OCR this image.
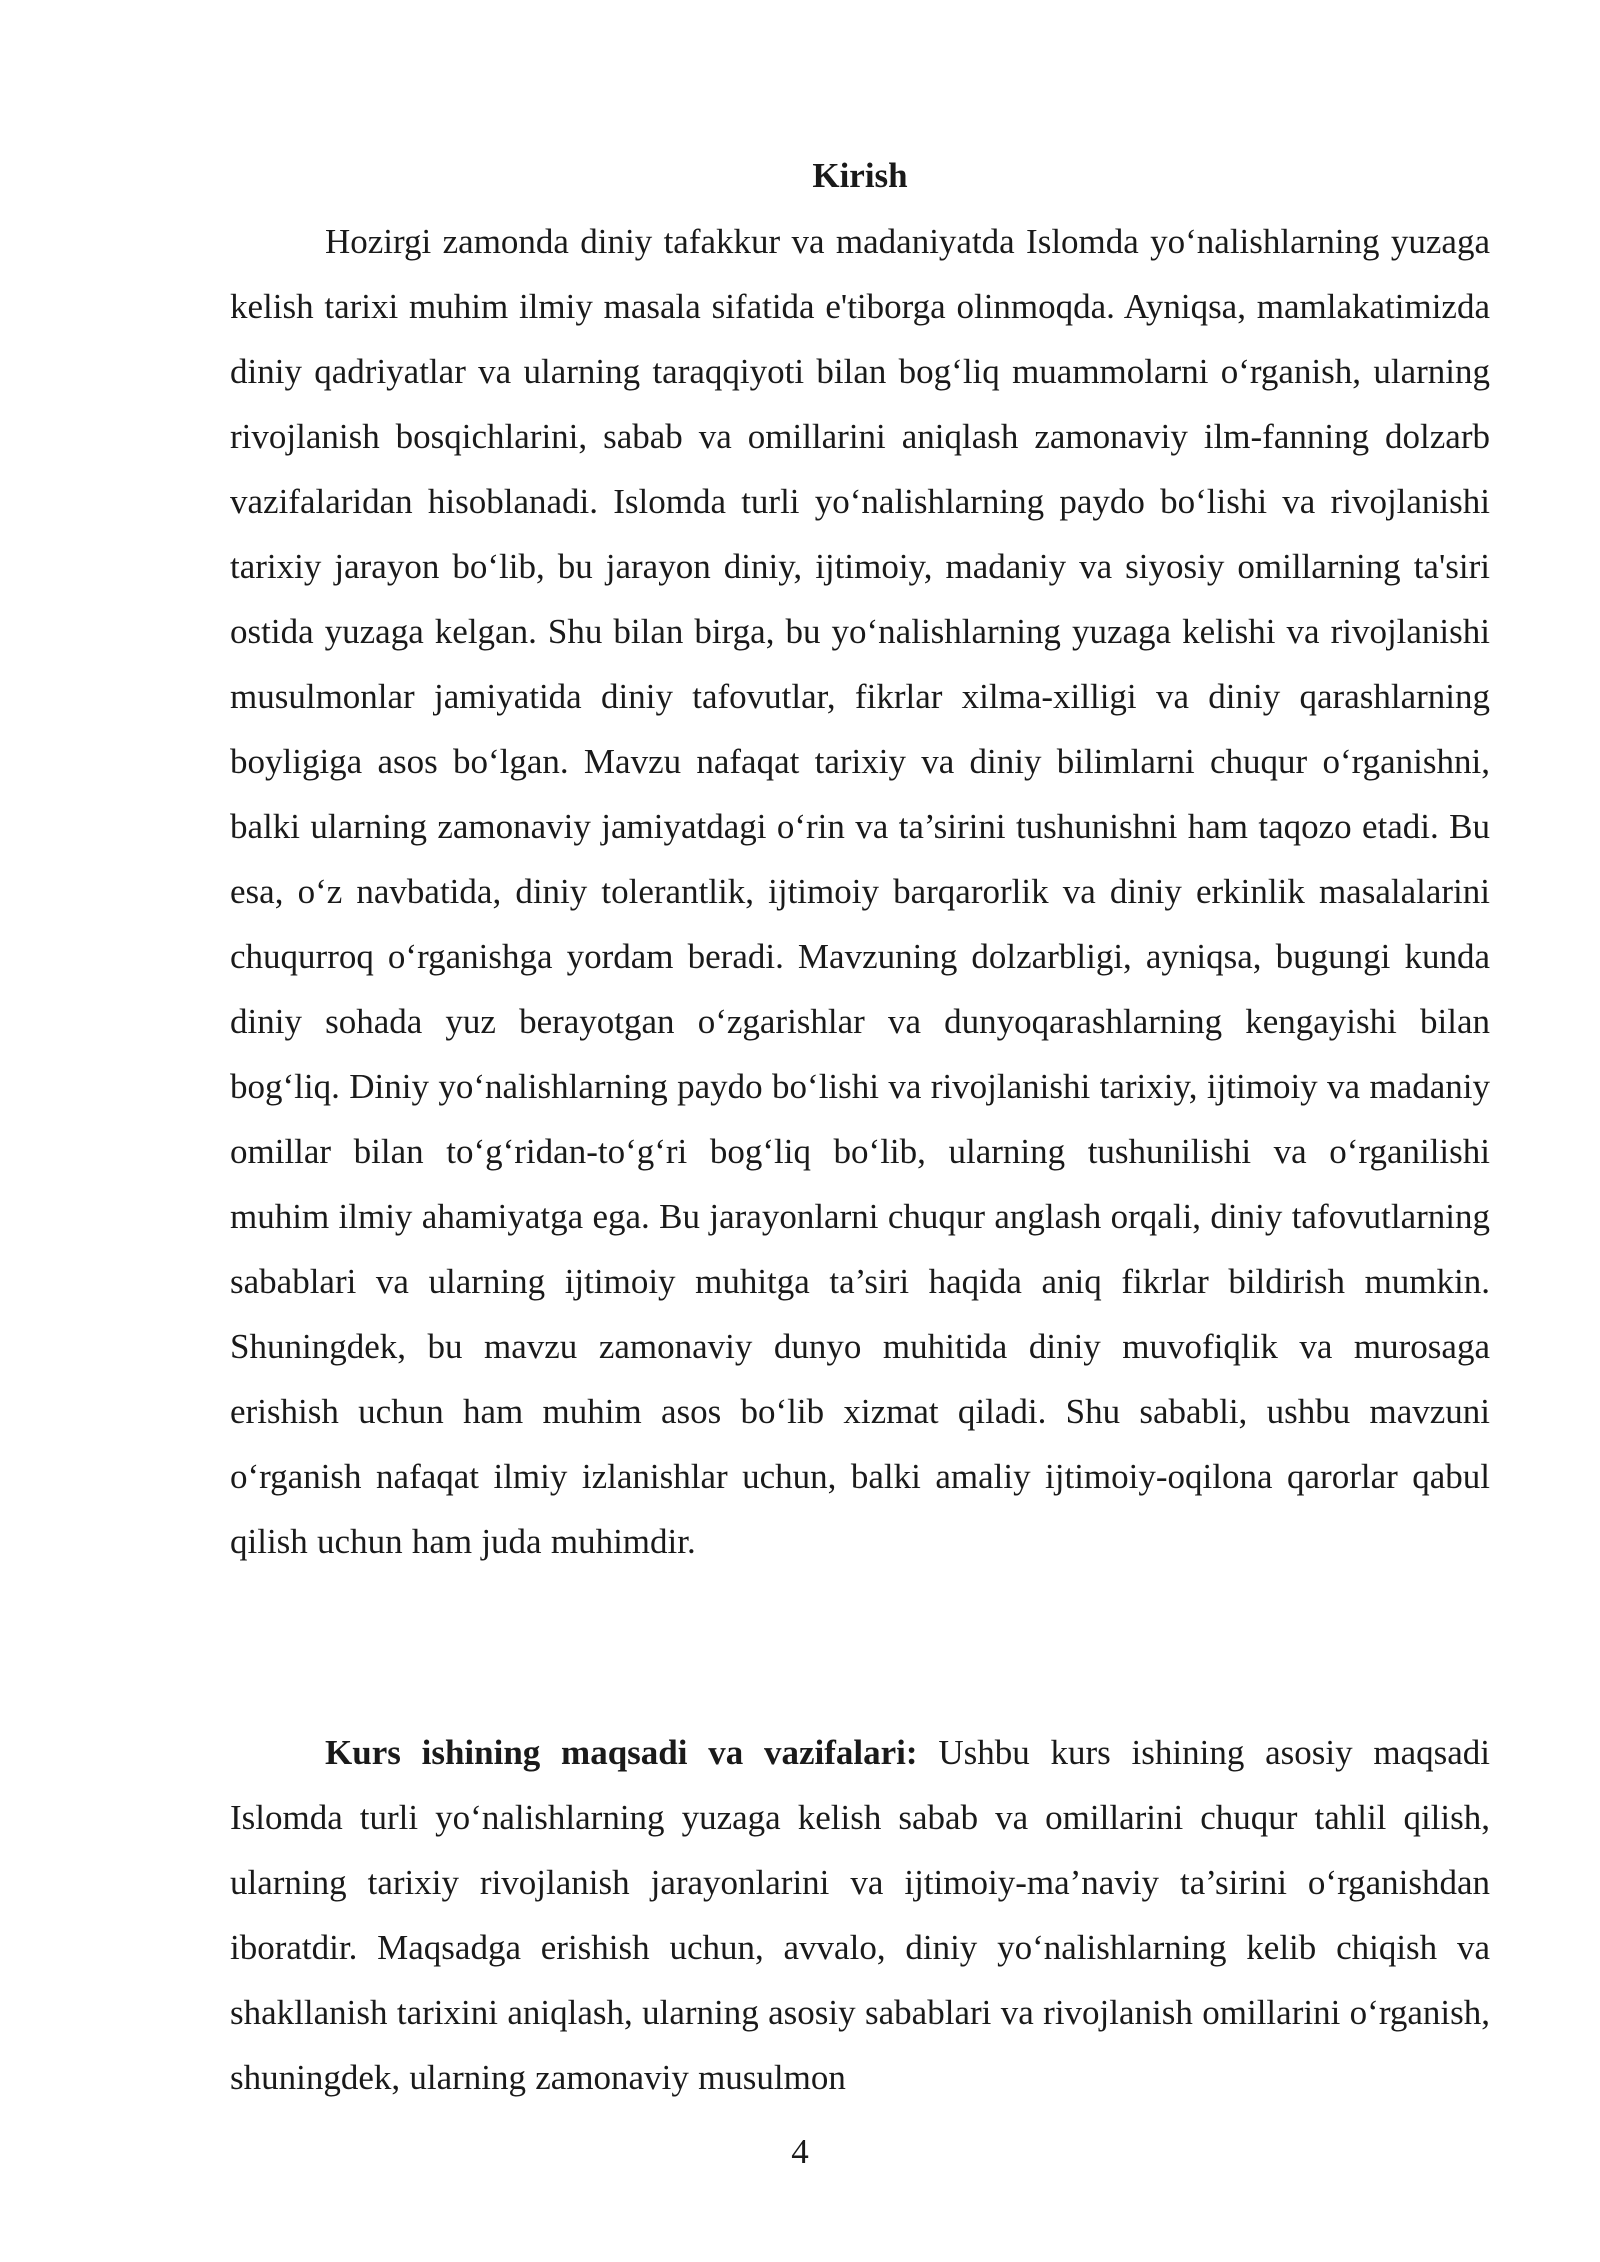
Kirish

Hozirgi zamonda diniy tafakkur va madaniyatda Islomda yo‘nalishlarning yuzaga kelish tarixi muhim ilmiy masala sifatida e'tiborga olinmoqda. Ayniqsa, mamlakatimizda diniy qadriyatlar va ularning taraqqiyoti bilan bog‘liq muammolarni o‘rganish, ularning rivojlanish bosqichlarini, sabab va omillarini aniqlash zamonaviy ilm-fanning dolzarb vazifalaridan hisoblanadi. Islomda turli yo‘nalishlarning paydo bo‘lishi va rivojlanishi tarixiy jarayon bo‘lib, bu jarayon diniy, ijtimoiy, madaniy va siyosiy omillarning ta'siri ostida yuzaga kelgan. Shu bilan birga, bu yo‘nalishlarning yuzaga kelishi va rivojlanishi musulmonlar jamiyatida diniy tafovutlar, fikrlar xilma-xilligi va diniy qarashlarning boyligiga asos bo‘lgan. Mavzu nafaqat tarixiy va diniy bilimlarni chuqur o‘rganishni, balki ularning zamonaviy jamiyatdagi o‘rin va ta’sirini tushunishni ham taqozo etadi. Bu esa, o‘z navbatida, diniy tolerantlik, ijtimoiy barqarorlik va diniy erkinlik masalalarini chuqurroq o‘rganishga yordam beradi. Mavzuning dolzarbligi, ayniqsa, bugungi kunda diniy sohada yuz berayotgan o‘zgarishlar va dunyoqarashlarning kengayishi bilan bog‘liq. Diniy yo‘nalishlarning paydo bo‘lishi va rivojlanishi tarixiy, ijtimoiy va madaniy omillar bilan to‘g‘ridan-to‘g‘ri bog‘liq bo‘lib, ularning tushunilishi va o‘rganilishi muhim ilmiy ahamiyatga ega. Bu jarayonlarni chuqur anglash orqali, diniy tafovutlarning sabablari va ularning ijtimoiy muhitga ta’siri haqida aniq fikrlar bildirish mumkin. Shuningdek, bu mavzu zamonaviy dunyo muhitida diniy muvofiqlik va murosaga erishish uchun ham muhim asos bo‘lib xizmat qiladi. Shu sababli, ushbu mavzuni o‘rganish nafaqat ilmiy izlanishlar uchun, balki amaliy ijtimoiy-oqilona qarorlar qabul qilish uchun ham juda muhimdir.

Kurs ishining maqsadi va vazifalari: Ushbu kurs ishining asosiy maqsadi Islomda turli yo‘nalishlarning yuzaga kelish sabab va omillarini chuqur tahlil qilish, ularning tarixiy rivojlanish jarayonlarini va ijtimoiy-ma’naviy ta’sirini o‘rganishdan iboratdir. Maqsadga erishish uchun, avvalo, diniy yo‘nalishlarning kelib chiqish va shakllanish tarixini aniqlash, ularning asosiy sabablari va rivojlanish omillarini o‘rganish, shuningdek, ularning zamonaviy musulmon

4
